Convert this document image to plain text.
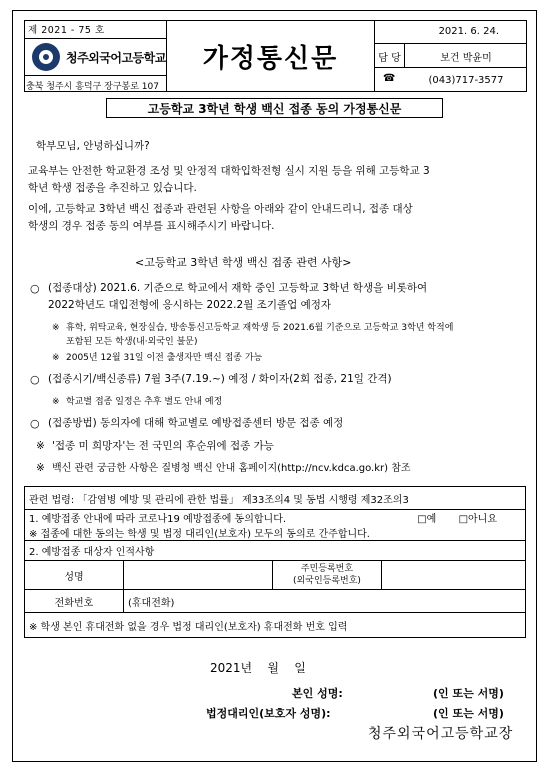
제 2021 - 75 호
청주외국어고등학교
충북 청주시 흥덕구 장구봉로 107
가정통신문
2021. 6. 24.
담 당	보건 박윤미
☎	(043)717-3577
고등학교 3학년 학생 백신 접종 동의 가정통신문

학부모님, 안녕하십니까?

교육부는 안전한 학교환경 조성 및 안정적 대학입학전형 실시 지원 등을 위해 고등학교 3

학년 학생 접종을 추진하고 있습니다.

이에, 고등학교 3학년 백신 접종과 관련된 사항을 아래와 같이 안내드리니, 접종 대상

학생의 경우 접종 동의 여부를 표시해주시기 바랍니다.

<고등학교 3학년 학생 백신 접종 관련 사항>

○ (접종대상) 2021.6. 기준으로 학교에서 재학 중인 고등학교 3학년 학생을 비롯하여

2022학년도 대입전형에 응시하는 2022.2월 조기졸업 예정자

※ 휴학, 위탁교육, 현장실습, 방송통신고등학교 재학생 등 2021.6월 기준으로 고등학교 3학년 학적에

포함된 모든 학생(내·외국인 불문)

※ 2005년 12월 31일 이전 출생자만 백신 접종 가능

○ (접종시기/백신종류) 7월 3주(7.19.~) 예정 / 화이자(2회 접종, 21일 간격)

※ 학교별 접종 일정은 추후 별도 안내 예정

○ (접종방법) 동의자에 대해 학교별로 예방접종센터 방문 접종 예정

※ '접종 미 희망자'는 전 국민의 후순위에 접종 가능

※ 백신 관련 궁금한 사항은 질병청 백신 안내 홈페이지(http://ncv.kdca.go.kr) 참조

관련 법령: 「감염병 예방 및 관리에 관한 법률」 제33조의4 및 동법 시행령 제32조의3			

1. 예방접종 안내에 따라 코로나19 예방접종에 동의합니다. □예 □아니요
※ 접종에 대한 동의는 학생 및 법정 대리인(보호자) 모두의 동의로 간주합니다.			

2. 예방접종 대상자 인적사항			
성명		주민등록번호
(외국인등록번호)	

전화번호	(휴대전화)		
※ 학생 본인 휴대전화 없을 경우 법정 대리인(보호자) 휴대전화 번호 입력			

2021년    월    일

본인 성명:	(인 또는 서명)

법정대리인(보호자 성명):	(인 또는 서명)

청주외국어고등학교장
